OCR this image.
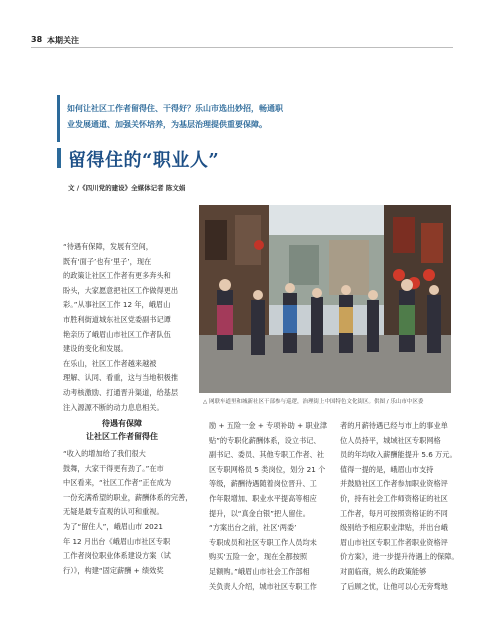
38 本期关注
如何让社区工作者留得住、干得好？乐山市选出妙招，畅通职
业发展通道、加强关怀培养，为基层治理提供重要保障。
留得住的“职业人”
文 /《四川党的建设》全媒体记者 陈文娟
△ 网联车道里和城新社区干部参与巡逻，治理街上中国特色文化街区。供图 / 乐山市中区委

“待遇有保障，发展有空间，

既有‘面子’也有‘里子’，现在

的政策让社区工作者有更多奔头和

盼头，大家愿意把社区工作做得更出

彩。”从事社区工作 12 年，峨眉山

市胜利街道城东社区党委副书记谭

艳亲历了峨眉山市社区工作者队伍

建设的变化和发展。

在乐山，社区工作者越来越被

理解、认同、看重，这与当地积极推

动考核激励、打通晋升渠道，给基层

注入源源不断的动力息息相关。

待遇有保障
让社区工作者留得住

“收入的增加给了我们很大

鼓舞，大家干得更有劲了。”在市

中区看来，“社区工作者”正在成为

一份充满希望的职业，薪酬体系的完善，

无疑是最专直观的认可和重视。

为了“留住人”，峨眉山市 2021

年 12 月出台《峨眉山市社区专职

工作者岗位职业体系建设方案（试

行）》，构建“固定薪酬 + 绩效奖

励 + 五险一金 + 专项补助 + 职业津

贴”的专职化薪酬体系，设立书记、

副书记、委员、其他专职工作者、社

区专职网格员 5 类岗位，划分 21 个

等级，薪酬待遇随着岗位晋升、工

作年限增加、职业水平提高等相应

提升，以“真金白银”把人留住。

“方案出台之前，社区‘两委’

专职成员和社区专职工作人员均未

购买‘五险一金’，现在全都按照

足额购。”峨眉山市社会工作部相

关负责人介绍，城市社区专职工作

者的月薪待遇已经与市上的事业单

位人员持平，城域社区专职网格

员的年均收入薪酬能提升 5.6 万元。

值得一提的是，峨眉山市支持

并鼓励社区工作者参加职业资格评

价，持有社会工作师资格证的社区

工作者，每月可按照资格证的不同

级别给予相应职业津贴，并出台峨

眉山市社区专职工作者职业资格评

价方案》，进一步提升待遇上的保障。

对面临商，规么的政策能够

了后顾之忧，让他可以心无旁骛地
